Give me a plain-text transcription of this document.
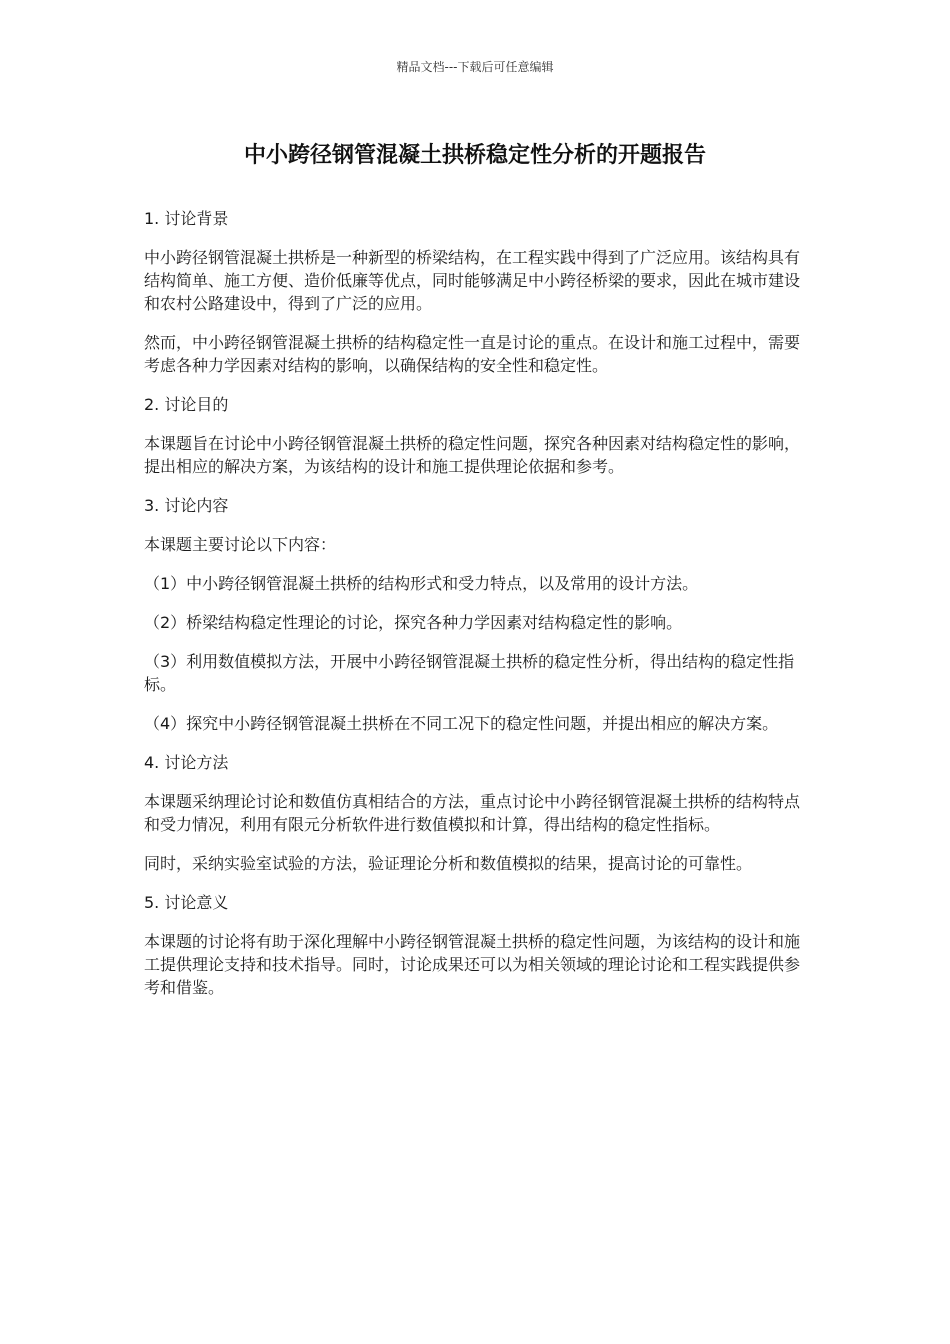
精品文档---下载后可任意编辑
中小跨径钢管混凝土拱桥稳定性分析的开题报告

1. 讨论背景

中小跨径钢管混凝土拱桥是一种新型的桥梁结构，在工程实践中得到了广泛应用。该结构具有结构简单、施工方便、造价低廉等优点，同时能够满足中小跨径桥梁的要求，因此在城市建设和农村公路建设中，得到了广泛的应用。

然而，中小跨径钢管混凝土拱桥的结构稳定性一直是讨论的重点。在设计和施工过程中，需要考虑各种力学因素对结构的影响，以确保结构的安全性和稳定性。

2. 讨论目的

本课题旨在讨论中小跨径钢管混凝土拱桥的稳定性问题，探究各种因素对结构稳定性的影响，提出相应的解决方案，为该结构的设计和施工提供理论依据和参考。

3. 讨论内容

本课题主要讨论以下内容：

（1）中小跨径钢管混凝土拱桥的结构形式和受力特点，以及常用的设计方法。

（2）桥梁结构稳定性理论的讨论，探究各种力学因素对结构稳定性的影响。

（3）利用数值模拟方法，开展中小跨径钢管混凝土拱桥的稳定性分析，得出结构的稳定性指标。

（4）探究中小跨径钢管混凝土拱桥在不同工况下的稳定性问题，并提出相应的解决方案。

4. 讨论方法

本课题采纳理论讨论和数值仿真相结合的方法，重点讨论中小跨径钢管混凝土拱桥的结构特点和受力情况，利用有限元分析软件进行数值模拟和计算，得出结构的稳定性指标。

同时，采纳实验室试验的方法，验证理论分析和数值模拟的结果，提高讨论的可靠性。

5. 讨论意义

本课题的讨论将有助于深化理解中小跨径钢管混凝土拱桥的稳定性问题，为该结构的设计和施工提供理论支持和技术指导。同时，讨论成果还可以为相关领域的理论讨论和工程实践提供参考和借鉴。
